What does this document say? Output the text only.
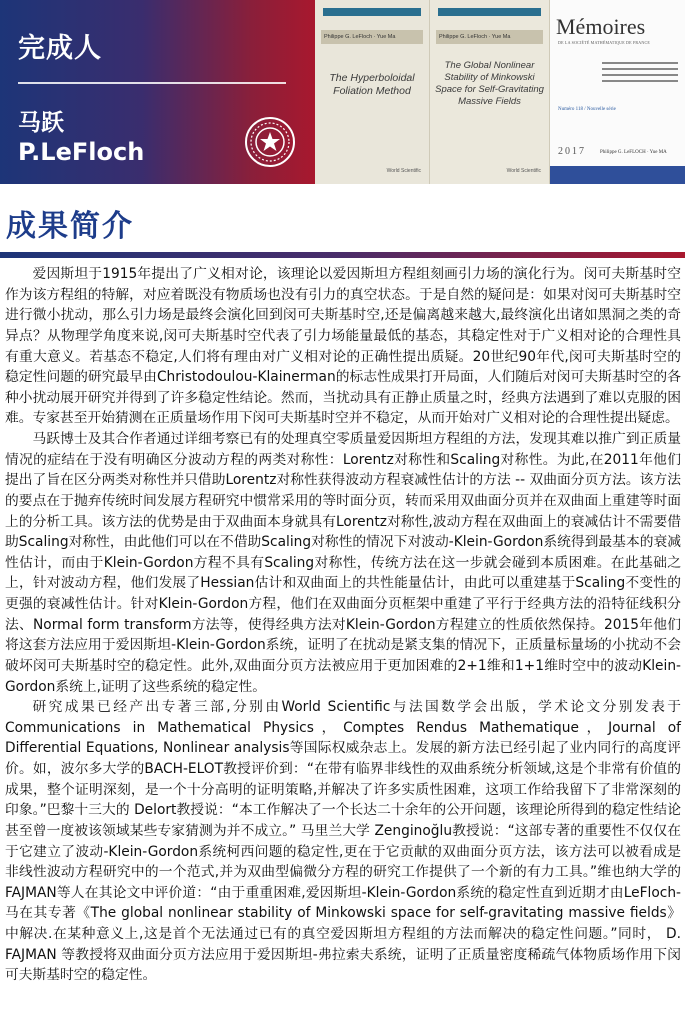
完成人
马跃
P.LeFloch
Philippe G. LeFloch · Yue Ma
The Hyperboloidal Foliation Method
World Scientific
Philippe G. LeFloch · Yue Ma
The Global Nonlinear Stability of Minkowski Space for Self-Gravitating Massive Fields
World Scientific
Mémoires
DE LA SOCIÉTÉ MATHÉMATIQUE DE FRANCE
Numéro 118 / Nouvelle série
2017	Philippe G. LeFLOCH · Yue MA
成果简介

爱因斯坦于1915年提出了广义相对论，该理论以爱因斯坦方程组刻画引力场的演化行为。闵可夫斯基时空作为该方程组的特解，对应着既没有物质场也没有引力的真空状态。于是自然的疑问是：如果对闵可夫斯基时空进行微小扰动，那么引力场是最终会演化回到闵可夫斯基时空,还是偏离越来越大,最终演化出诸如黑洞之类的奇异点？从物理学角度来说,闵可夫斯基时空代表了引力场能量最低的基态，其稳定性对于广义相对论的合理性具有重大意义。若基态不稳定,人们将有理由对广义相对论的正确性提出质疑。20世纪90年代,闵可夫斯基时空的稳定性问题的研究最早由Christodoulou-Klainerman的标志性成果打开局面，人们随后对闵可夫斯基时空的各种小扰动展开研究并得到了许多稳定性结论。然而，当扰动具有正静止质量之时，经典方法遇到了难以克服的困难。专家甚至开始猜测在正质量场作用下闵可夫斯基时空并不稳定，从而开始对广义相对论的合理性提出疑虑。

马跃博士及其合作者通过详细考察已有的处理真空零质量爱因斯坦方程组的方法，发现其难以推广到正质量情况的症结在于没有明确区分波动方程的两类对称性：Lorentz对称性和Scaling对称性。为此,在2011年他们提出了旨在区分两类对称性并只借助Lorentz对称性获得波动方程衰减性估计的方法 -- 双曲面分页方法。该方法的要点在于抛弃传统时间发展方程研究中惯常采用的等时面分页，转而采用双曲面分页并在双曲面上重建等时面上的分析工具。该方法的优势是由于双曲面本身就具有Lorentz对称性,波动方程在双曲面上的衰减估计不需要借助Scaling对称性，由此他们可以在不借助Scaling对称性的情况下对波动-Klein-Gordon系统得到最基本的衰减性估计，而由于Klein-Gordon方程不具有Scaling对称性，传统方法在这一步就会碰到本质困难。在此基础之上，针对波动方程，他们发展了Hessian估计和双曲面上的共性能量估计，由此可以重建基于Scaling不变性的更强的衰减性估计。针对Klein-Gordon方程，他们在双曲面分页框架中重建了平行于经典方法的沿特征线积分法、Normal form transform方法等，使得经典方法对Klein-Gordon方程建立的性质依然保持。2015年他们将这套方法应用于爱因斯坦-Klein-Gordon系统，证明了在扰动是紧支集的情况下，正质量标量场的小扰动不会破坏闵可夫斯基时空的稳定性。此外,双曲面分页方法被应用于更加困难的2+1维和1+1维时空中的波动Klein-Gordon系统上,证明了这些系统的稳定性。

研究成果已经产出专著三部,分别由World Scientific与法国数学会出版，学术论文分别发表于Communications in Mathematical Physics，Comptes Rendus Mathematique，Journal of Differential Equations, Nonlinear analysis等国际权威杂志上。发展的新方法已经引起了业内同行的高度评价。如，波尔多大学的BACH-ELOT教授评价到：“在带有临界非线性的双曲系统分析领域,这是个非常有价值的成果，整个证明深刻，是一个十分高明的证明策略,并解决了许多实质性困难，这项工作给我留下了非常深刻的印象。”巴黎十三大的 Delort教授说：“本工作解决了一个长达二十余年的公开问题，该理论所得到的稳定性结论甚至曾一度被该领域某些专家猜测为并不成立。” 马里兰大学 Zenginoğlu教授说：“这部专著的重要性不仅仅在于它建立了波动-Klein-Gordon系统柯西问题的稳定性,更在于它贡献的双曲面分页方法，该方法可以被看成是非线性波动方程研究中的一个范式,并为双曲型偏微分方程的研究工作提供了一个新的有力工具。”维也纳大学的FAJMAN等人在其论文中评价道：“由于重重困难,爱因斯坦-Klein-Gordon系统的稳定性直到近期才由LeFloch-马在其专著《The global nonlinear stability of Minkowski space for self-gravitating massive fields》中解决.在某种意义上,这是首个无法通过已有的真空爱因斯坦方程组的方法而解决的稳定性问题。”同时， D. FAJMAN 等教授将双曲面分页方法应用于爱因斯坦-弗拉索夫系统，证明了正质量密度稀疏气体物质场作用下闵可夫斯基时空的稳定性。
